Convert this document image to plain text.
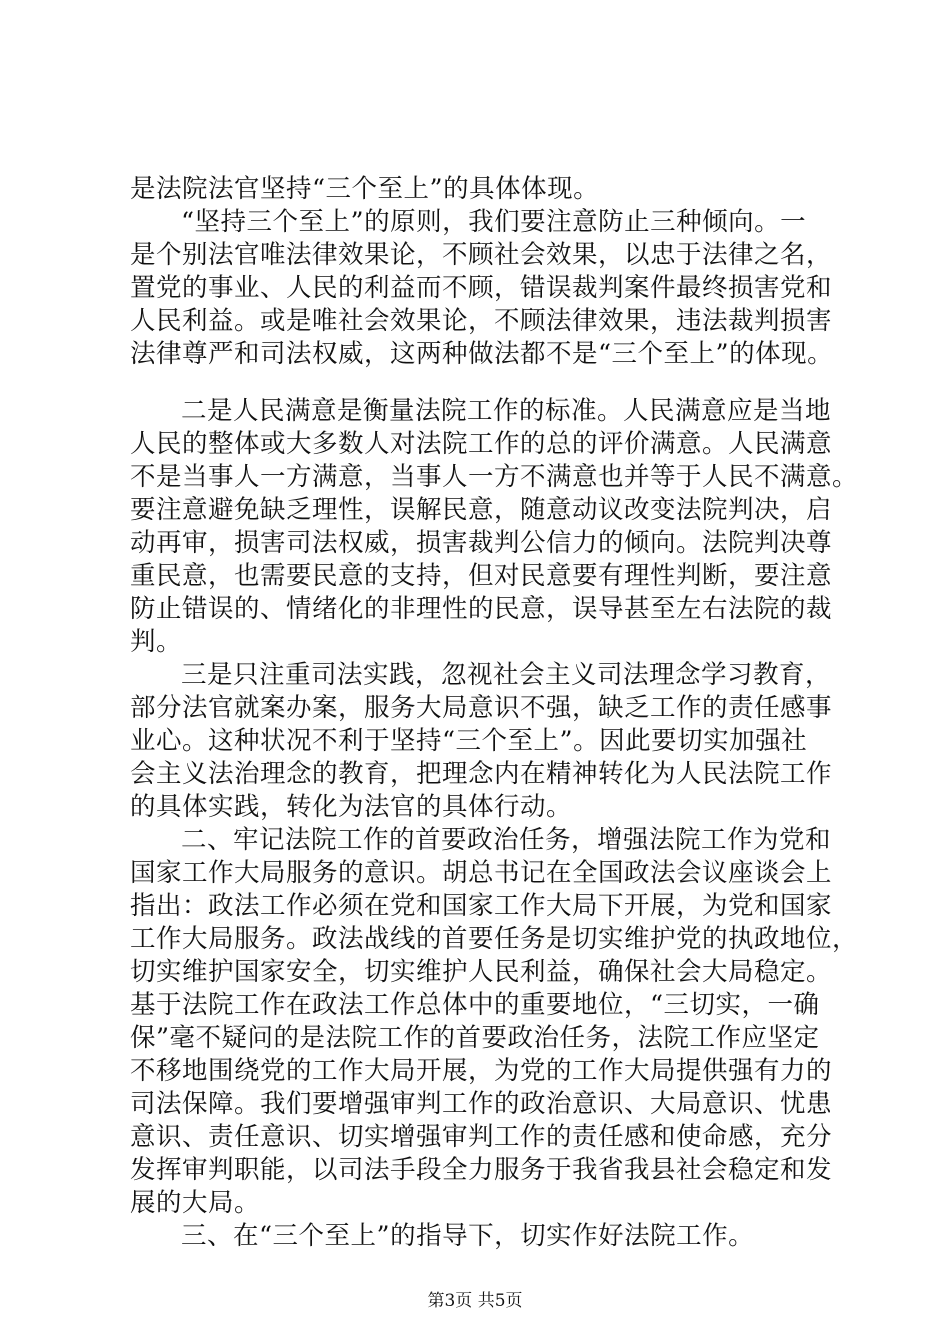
是法院法官坚持“三个至上”的具体体现。
“坚持三个至上”的原则，我们要注意防止三种倾向。一
是个别法官唯法律效果论，不顾社会效果，以忠于法律之名，
置党的事业、人民的利益而不顾，错误裁判案件最终损害党和
人民利益。或是唯社会效果论，不顾法律效果，违法裁判损害
法律尊严和司法权威，这两种做法都不是“三个至上”的体现。
二是人民满意是衡量法院工作的标准。人民满意应是当地
人民的整体或大多数人对法院工作的总的评价满意。人民满意
不是当事人一方满意，当事人一方不满意也并等于人民不满意。
要注意避免缺乏理性，误解民意，随意动议改变法院判决，启
动再审，损害司法权威，损害裁判公信力的倾向。法院判决尊
重民意，也需要民意的支持，但对民意要有理性判断，要注意
防止错误的、情绪化的非理性的民意，误导甚至左右法院的裁
判。
三是只注重司法实践，忽视社会主义司法理念学习教育，
部分法官就案办案，服务大局意识不强，缺乏工作的责任感事
业心。这种状况不利于坚持“三个至上”。因此要切实加强社
会主义法治理念的教育，把理念内在精神转化为人民法院工作
的具体实践，转化为法官的具体行动。
二、牢记法院工作的首要政治任务，增强法院工作为党和
国家工作大局服务的意识。胡总书记在全国政法会议座谈会上
指出：政法工作必须在党和国家工作大局下开展，为党和国家
工作大局服务。政法战线的首要任务是切实维护党的执政地位，
切实维护国家安全，切实维护人民利益，确保社会大局稳定。
基于法院工作在政法工作总体中的重要地位，“三切实，一确
保”毫不疑问的是法院工作的首要政治任务，法院工作应坚定
不移地围绕党的工作大局开展，为党的工作大局提供强有力的
司法保障。我们要增强审判工作的政治意识、大局意识、忧患
意识、责任意识、切实增强审判工作的责任感和使命感，充分
发挥审判职能，以司法手段全力服务于我省我县社会稳定和发
展的大局。
三、在“三个至上”的指导下，切实作好法院工作。
第3页 共5页
